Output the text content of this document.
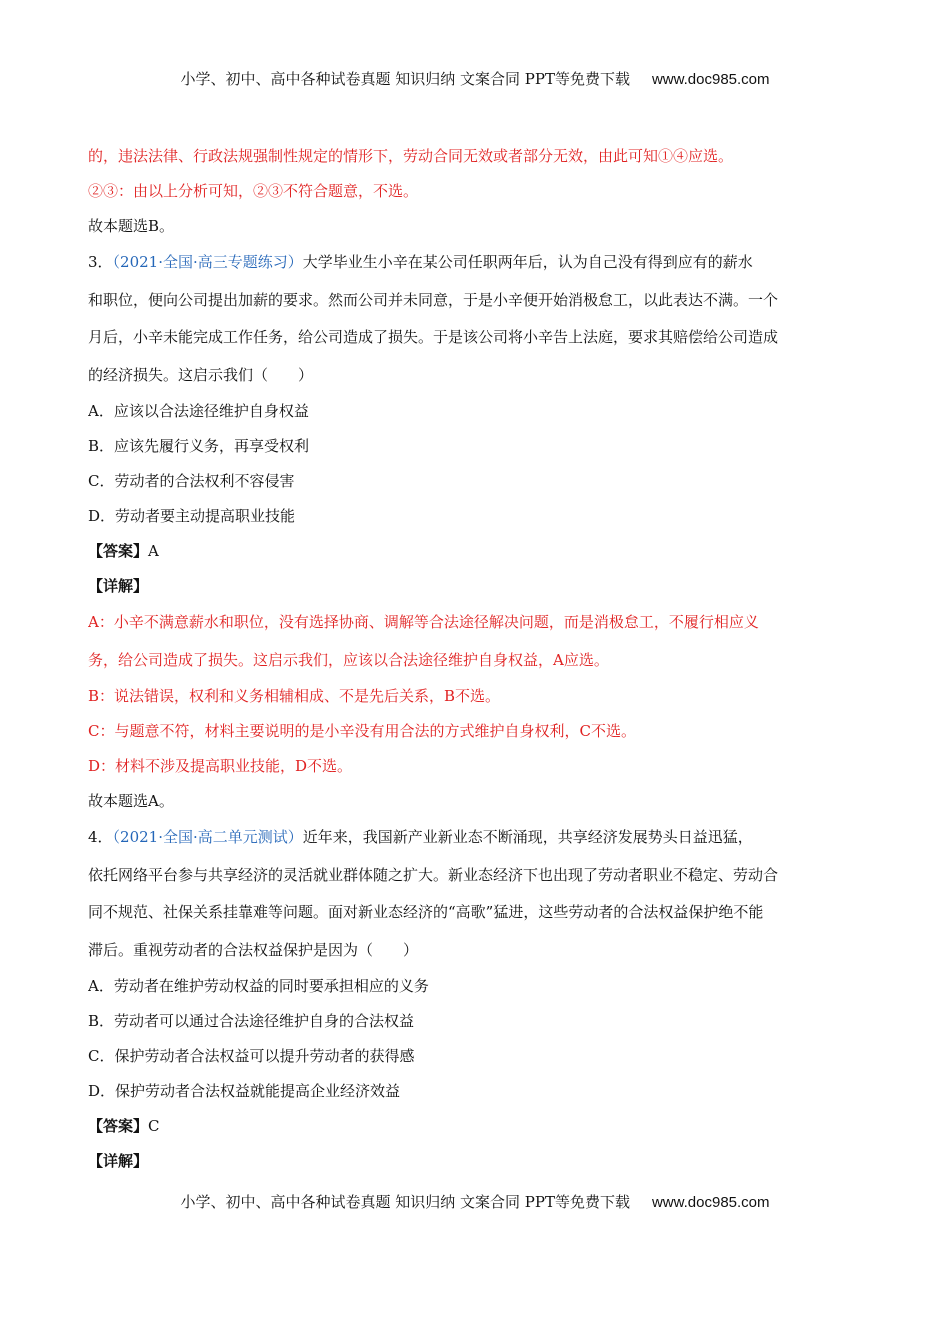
小学、初中、高中各种试卷真题 知识归纳 文案合同 PPT等免费下载 www.doc985.com
的，违法法律、行政法规强制性规定的情形下，劳动合同无效或者部分无效，由此可知①④应选。
②③：由以上分析可知，②③不符合题意，不选。
故本题选B。
3．（2021·全国·高三专题练习）大学毕业生小辛在某公司任职两年后，认为自己没有得到应有的薪水
和职位，便向公司提出加薪的要求。然而公司并未同意，于是小辛便开始消极怠工，以此表达不满。一个
月后，小辛未能完成工作任务，给公司造成了损失。于是该公司将小辛告上法庭，要求其赔偿给公司造成
的经济损失。这启示我们（　　）
A．应该以合法途径维护自身权益
B．应该先履行义务，再享受权利
C．劳动者的合法权利不容侵害
D．劳动者要主动提高职业技能
【答案】A
【详解】
A：小辛不满意薪水和职位，没有选择协商、调解等合法途径解决问题，而是消极怠工，不履行相应义
务，给公司造成了损失。这启示我们，应该以合法途径维护自身权益，A应选。
B：说法错误，权利和义务相辅相成、不是先后关系，B不选。
C：与题意不符，材料主要说明的是小辛没有用合法的方式维护自身权利，C不选。
D：材料不涉及提高职业技能，D不选。
故本题选A。
4．（2021·全国·高二单元测试）近年来，我国新产业新业态不断涌现，共享经济发展势头日益迅猛，
依托网络平台参与共享经济的灵活就业群体随之扩大。新业态经济下也出现了劳动者职业不稳定、劳动合
同不规范、社保关系挂靠难等问题。面对新业态经济的“高歌”猛进，这些劳动者的合法权益保护绝不能
滞后。重视劳动者的合法权益保护是因为（　　）
A．劳动者在维护劳动权益的同时要承担相应的义务
B．劳动者可以通过合法途径维护自身的合法权益
C．保护劳动者合法权益可以提升劳动者的获得感
D．保护劳动者合法权益就能提高企业经济效益
【答案】C
【详解】
小学、初中、高中各种试卷真题 知识归纳 文案合同 PPT等免费下载 www.doc985.com
